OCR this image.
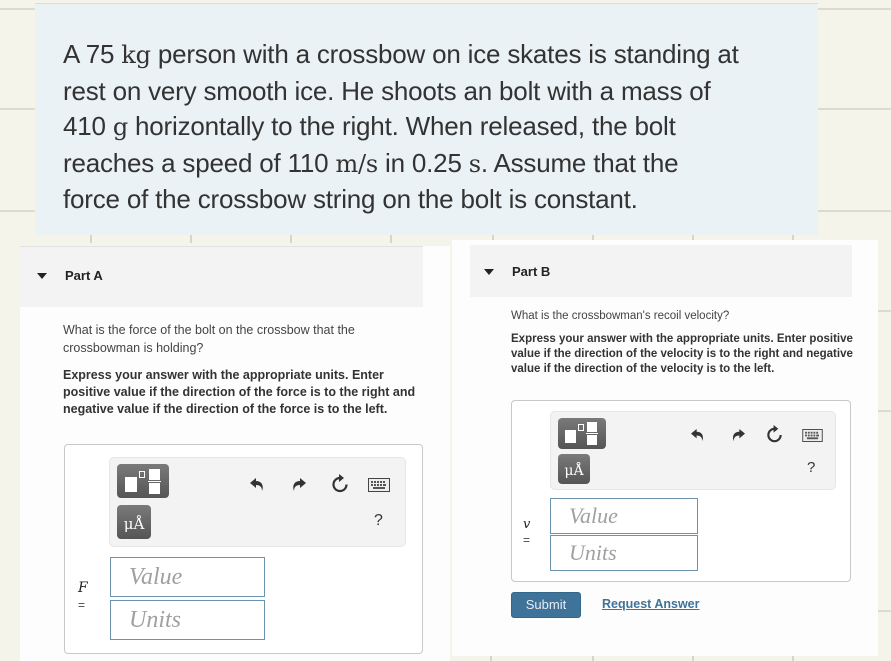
A 75 kg person with a crossbow on ice skates is standing at
rest on very smooth ice. He shoots an bolt with a mass of
410 g horizontally to the right. When released, the bolt
reaches a speed of 110 m/s in 0.25 s. Assume that the
force of the crossbow string on the bolt is constant.

Part A
What is the force of the bolt on the crossbow that the crossbowman is holding?
Express your answer with the appropriate units. Enter positive value if the direction of the force is to the right and negative value if the direction of the force is to the left.
μÅ	?
F
=
Value
Units
Part B
What is the crossbowman's recoil velocity?
Express your answer with the appropriate units. Enter positive value if the direction of the velocity is to the right and negative value if the direction of the velocity is to the left.
μÅ	?
v
=
Value
Units
Submit	Request Answer
